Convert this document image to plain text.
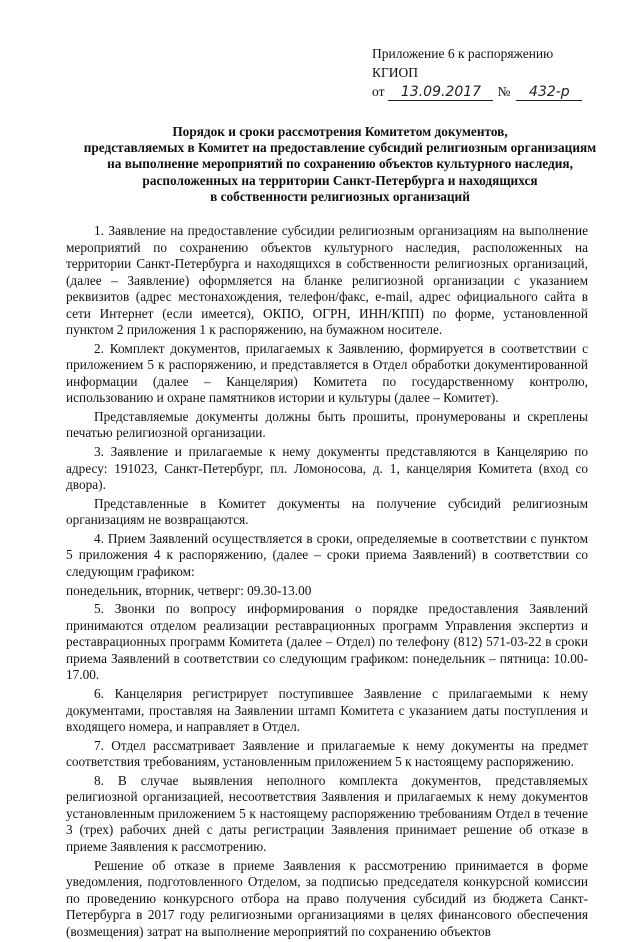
Приложение 6 к распоряжению КГИОП
от	13.09.2017	№	432-р
Порядок и сроки рассмотрения Комитетом документов,
представляемых в Комитет на предоставление субсидий религиозным организациям
на выполнение мероприятий по сохранению объектов культурного наследия,
расположенных на территории Санкт-Петербурга и находящихся
в собственности религиозных организаций

1. Заявление на предоставление субсидии религиозным организациям на выполнение мероприятий по сохранению объектов культурного наследия, расположенных на территории Санкт-Петербурга и находящихся в собственности религиозных организаций, (далее – Заявление) оформляется на бланке религиозной организации с указанием реквизитов (адрес местонахождения, телефон/факс, e-mail, адрес официального сайта в сети Интернет (если имеется), ОКПО, ОГРН, ИНН/КПП) по форме, установленной пунктом 2 приложения 1 к распоряжению, на бумажном носителе.

2. Комплект документов, прилагаемых к Заявлению, формируется в соответствии с приложением 5 к распоряжению, и представляется в Отдел обработки документированной информации (далее – Канцелярия) Комитета по государственному контролю, использованию и охране памятников истории и культуры (далее – Комитет).

Представляемые документы должны быть прошиты, пронумерованы и скреплены печатью религиозной организации.

3. Заявление и прилагаемые к нему документы представляются в Канцелярию по адресу: 191023, Санкт-Петербург, пл. Ломоносова, д. 1, канцелярия Комитета (вход со двора).

Представленные в Комитет документы на получение субсидий религиозным организациям не возвращаются.

4. Прием Заявлений осуществляется в сроки, определяемые в соответствии с пунктом 5 приложения 4 к распоряжению, (далее – сроки приема Заявлений) в соответствии со следующим графиком:

понедельник, вторник, четверг: 09.30-13.00

5. Звонки по вопросу информирования о порядке предоставления Заявлений принимаются отделом реализации реставрационных программ Управления экспертиз и реставрационных программ Комитета (далее – Отдел) по телефону (812) 571-03-22 в сроки приема Заявлений в соответствии со следующим графиком: понедельник – пятница: 10.00-17.00.

6. Канцелярия регистрирует поступившее Заявление с прилагаемыми к нему документами, проставляя на Заявлении штамп Комитета с указанием даты поступления и входящего номера, и направляет в Отдел.

7. Отдел рассматривает Заявление и прилагаемые к нему документы на предмет соответствия требованиям, установленным приложением 5 к настоящему распоряжению.

8. В случае выявления неполного комплекта документов, представляемых религиозной организацией, несоответствия Заявления и прилагаемых к нему документов установленным приложением 5 к настоящему распоряжению требованиям Отдел в течение 3 (трех) рабочих дней с даты регистрации Заявления принимает решение об отказе в приеме Заявления к рассмотрению.

Решение об отказе в приеме Заявления к рассмотрению принимается в форме уведомления, подготовленного Отделом, за подписью председателя конкурсной комиссии по проведению конкурсного отбора на право получения субсидий из бюджета Санкт-Петербурга в 2017 году религиозными организациями в целях финансового обеспечения (возмещения) затрат на выполнение мероприятий по сохранению объектов
